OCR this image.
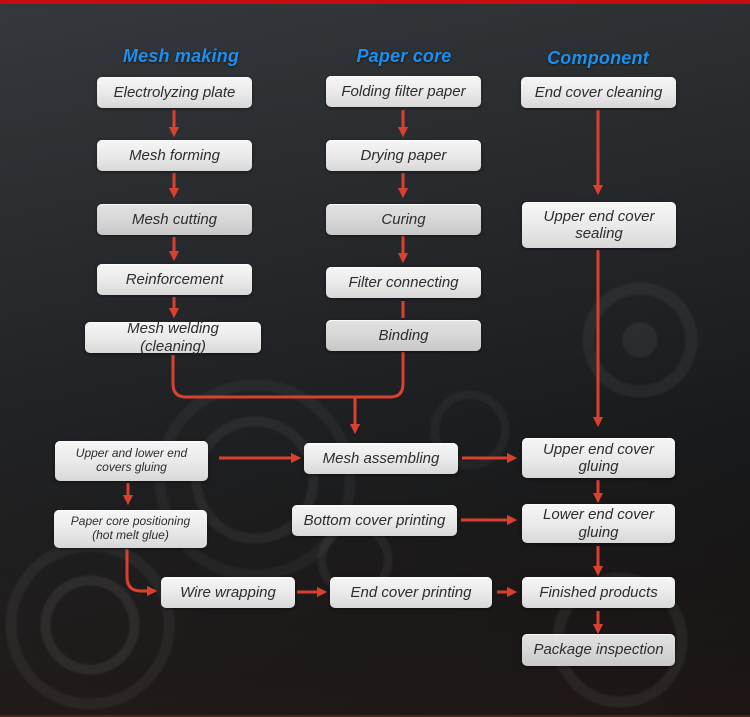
Mesh making	Paper core	Component
Electrolyzing plate
Mesh forming
Mesh cutting
Reinforcement
Mesh welding (cleaning)
Folding filter paper
Drying paper
Curing
Filter connecting
Binding
End cover cleaning
Upper end cover sealing
Upper and lower end covers gluing
Paper core positioning (hot melt glue)
Mesh assembling
Bottom cover printing
Wire wrapping	End cover printing
Upper end cover gluing
Lower end cover gluing
Finished products
Package inspection
